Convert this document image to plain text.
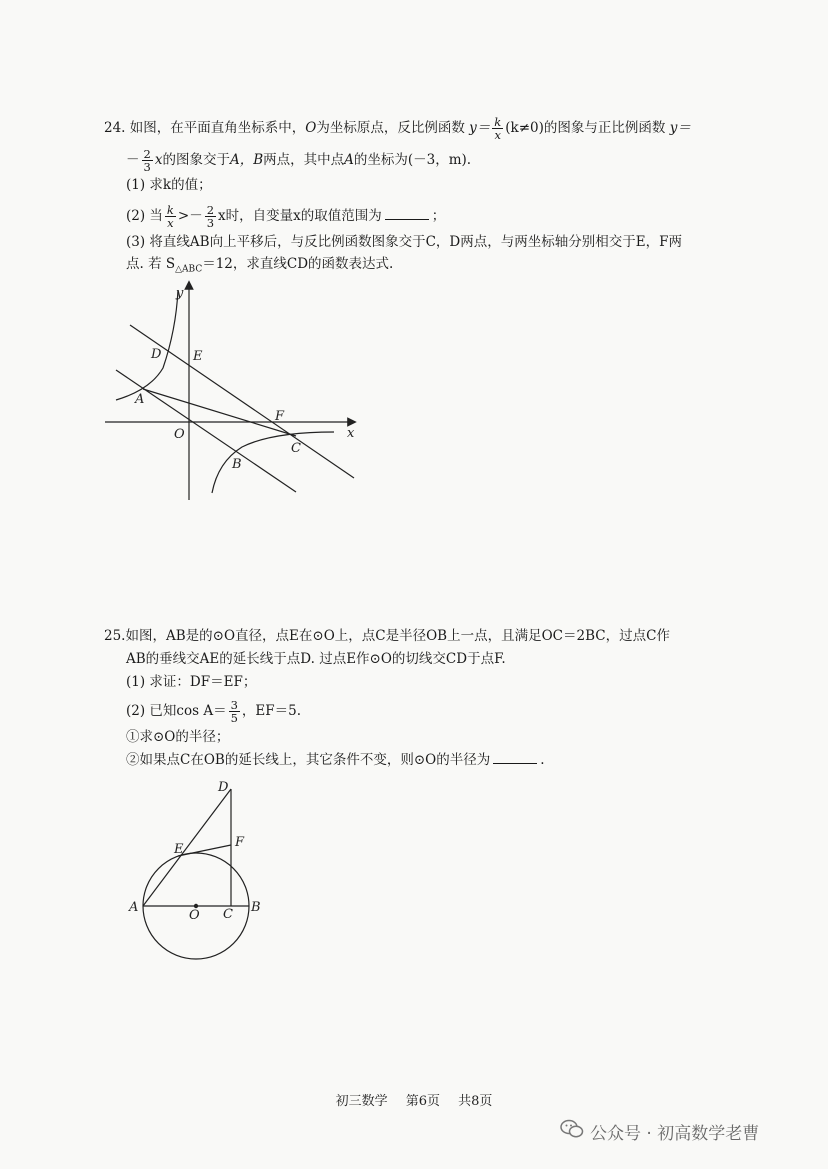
24. 如图，在平面直角坐标系中，O为坐标原点，反比例函数 $y= \frac{k}{x} (k\ne 0)$的图象与正比例函数 y＝
－ $\frac{2}{3}$ x的图象交于A，B两点，其中点A的坐标为(－3，m).
(1) 求k的值；
(2) 当 $\frac{k}{x} >- \frac{2}{3}$ x时，自变量x的取值范围为	；
(3) 将直线AB向上平移后，与反比例函数图象交于C，D两点，与两坐标轴分别相交于E，F两
点. 若 $S_{\triangle ABC}=12$，求直线CD的函数表达式.
y
x
O
A
B
C
D E
F
A	B
C
D
E	F
O
25.如图，AB是的⊙O直径，点E在⊙O上，点C是半径OB上一点，且满足OC＝2BC，过点C作
AB的垂线交AE的延长线于点D. 过点E作⊙O的切线交CD于点F.
(1) 求证：DF＝EF；
(2) 已知$\cos A= \frac{3}{5}$ ，EF＝5.
①求⊙O的半径；
②如果点C在OB的延长线上，其它条件不变，则⊙O的半径为	.
初三数学 第6页 共8页
公众号 · 初高数学老曹
